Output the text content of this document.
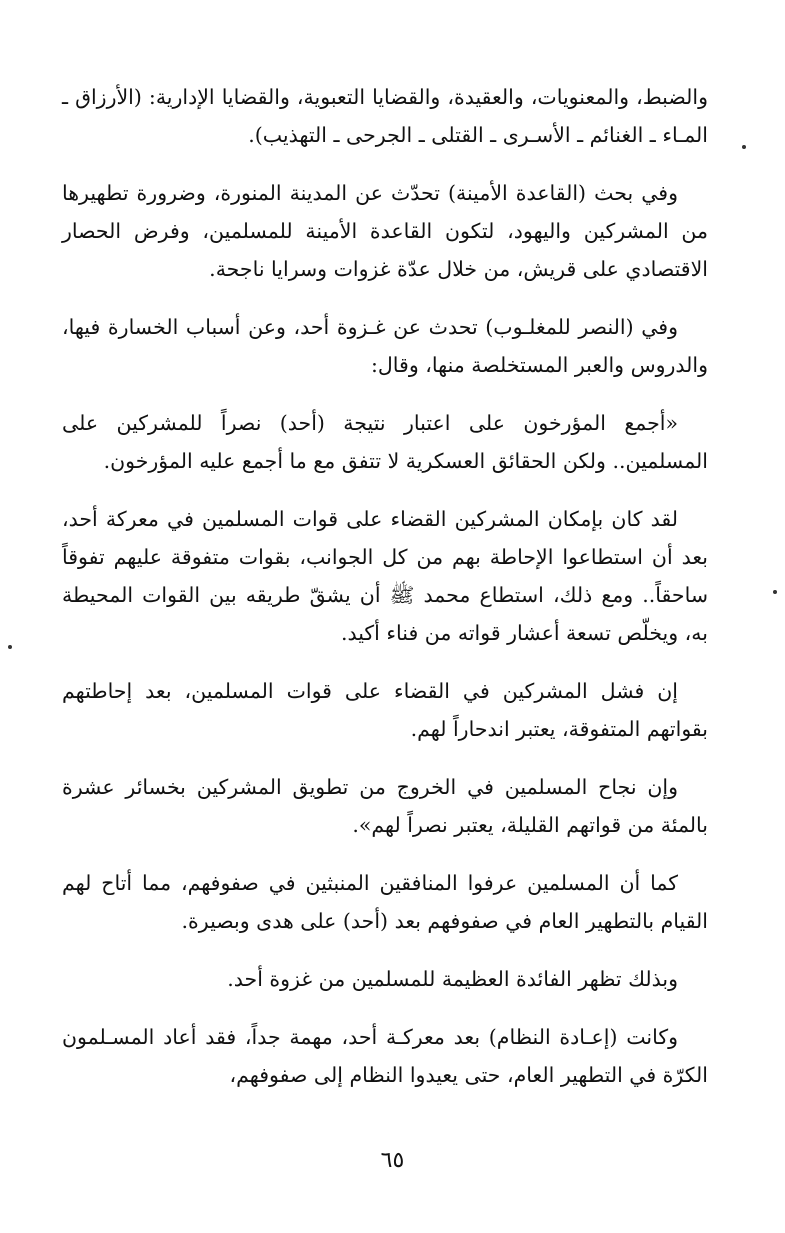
والضبط، والمعنويات، والعقيدة، والقضايا التعبوية، والقضايا الإدارية: (الأرزاق ـ المـاء ـ الغنائم ـ الأسـرى ـ القتلى ـ الجرحى ـ التهذيب).

وفي بحث (القاعدة الأمينة) تحدّث عن المدينة المنورة، وضرورة تطهيرها من المشركين واليهود، لتكون القاعدة الأمينة للمسلمين، وفرض الحصار الاقتصادي على قريش، من خلال عدّة غزوات وسرايا ناجحة.

وفي (النصر للمغلـوب) تحدث عن غـزوة أحد، وعن أسباب الخسارة فيها، والدروس والعبر المستخلصة منها، وقال:

«أجمع المؤرخون على اعتبار نتيجة (أحد) نصراً للمشركين على المسلمين.. ولكن الحقائق العسكرية لا تتفق مع ما أجمع عليه المؤرخون.

لقد كان بإمكان المشركين القضاء على قوات المسلمين في معركة أحد، بعد أن استطاعوا الإحاطة بهم من كل الجوانب، بقوات متفوقة عليهم تفوقاً ساحقاً.. ومع ذلك، استطاع محمد ﷺ أن يشقّ طريقه بين القوات المحيطة به، ويخلّص تسعة أعشار قواته من فناء أكيد.

إن فشل المشركين في القضاء على قوات المسلمين، بعد إحاطتهم بقواتهم المتفوقة، يعتبر اندحاراً لهم.

وإن نجاح المسلمين في الخروج من تطويق المشركين بخسائر عشرة بالمئة من قواتهم القليلة، يعتبر نصراً لهم».

كما أن المسلمين عرفوا المنافقين المنبثين في صفوفهم، مما أتاح لهم القيام بالتطهير العام في صفوفهم بعد (أحد) على هدى وبصيرة.

وبذلك تظهر الفائدة العظيمة للمسلمين من غزوة أحد.

وكانت (إعـادة النظام) بعد معركـة أحد، مهمة جداً، فقد أعاد المسـلمون الكرّة في التطهير العام، حتى يعيدوا النظام إلى صفوفهم،

٦٥
